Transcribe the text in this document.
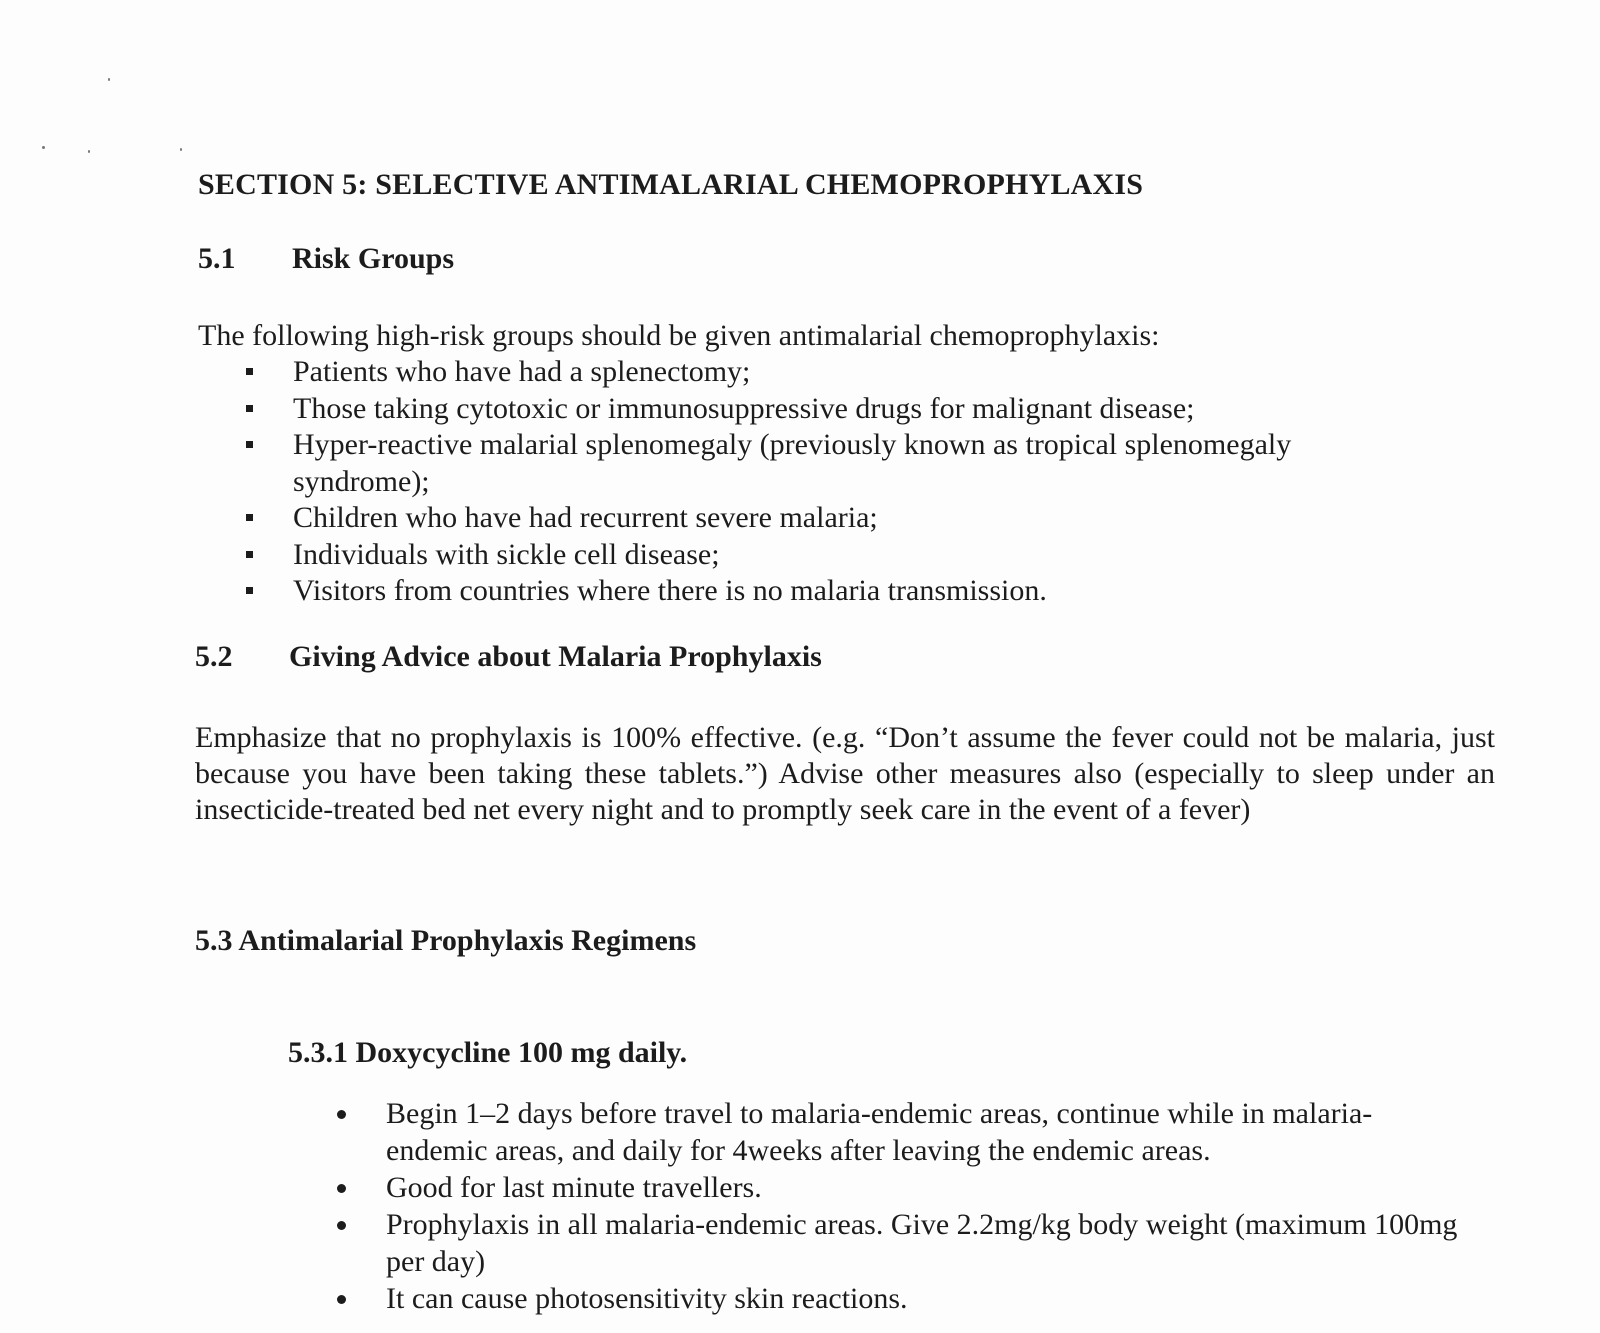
SECTION 5: SELECTIVE ANTIMALARIAL CHEMOPROPHYLAXIS
5.1 Risk Groups
The following high-risk groups should be given antimalarial chemoprophylaxis:
Patients who have had a splenectomy;
Those taking cytotoxic or immunosuppressive drugs for malignant disease;
Hyper-reactive malarial splenomegaly (previously known as tropical splenomegaly
syndrome);
Children who have had recurrent severe malaria;
Individuals with sickle cell disease;
Visitors from countries where there is no malaria transmission.
5.2 Giving Advice about Malaria Prophylaxis
Emphasize that no prophylaxis is 100% effective. (e.g. “Don’t assume the fever could not be malaria, just because you have been taking these tablets.”) Advise other measures also (especially to sleep under an insecticide-treated bed net every night and to promptly seek care in the event of a fever)
5.3 Antimalarial Prophylaxis Regimens
5.3.1 Doxycycline 100 mg daily.
Begin 1–2 days before travel to malaria-endemic areas, continue while in malaria-endemic areas, and daily for 4weeks after leaving the endemic areas.
Good for last minute travellers.
Prophylaxis in all malaria-endemic areas. Give 2.2mg/kg body weight (maximum 100mg per day)
It can cause photosensitivity skin reactions.
